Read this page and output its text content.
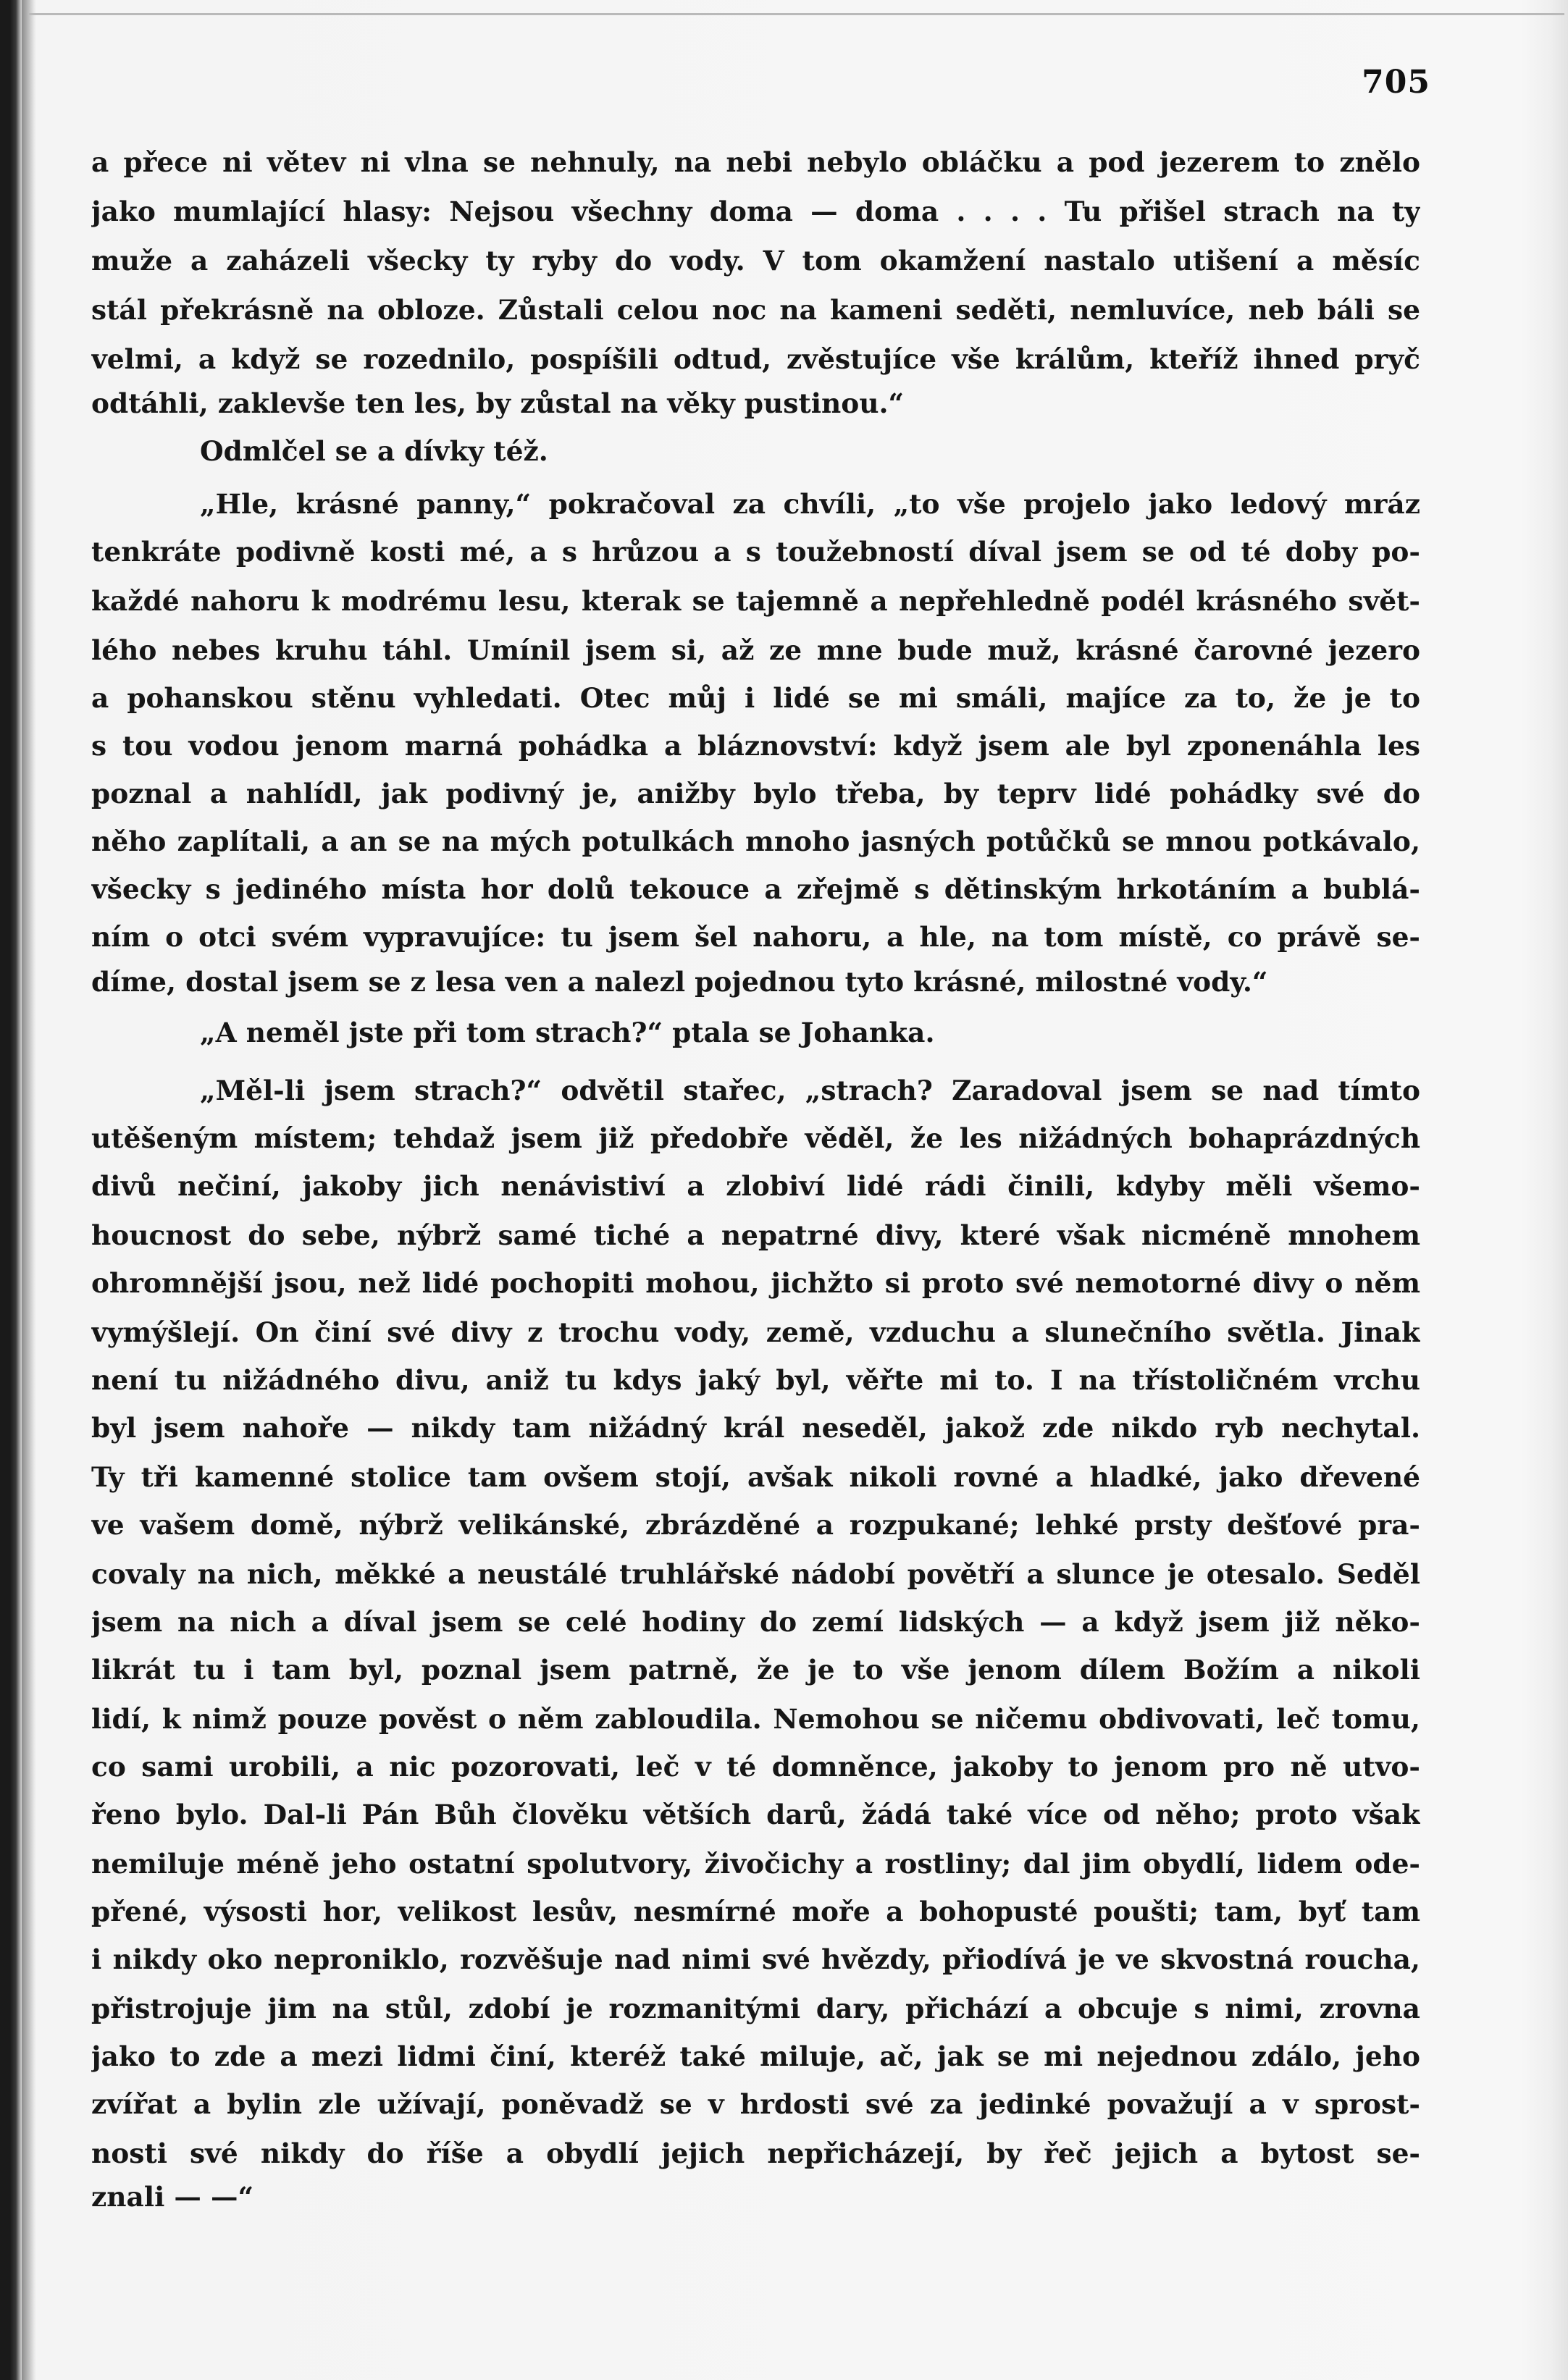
705
a přece ni větev ni vlna se nehnuly, na nebi nebylo obláčku a pod jezerem to znělo
jako mumlající hlasy: Nejsou všechny doma — doma . . . . Tu přišel strach na ty
muže a zaházeli všecky ty ryby do vody. V tom okamžení nastalo utišení a měsíc
stál překrásně na obloze. Zůstali celou noc na kameni seděti, nemluvíce, neb báli se
velmi, a když se rozednilo, pospíšili odtud, zvěstujíce vše králům, kteříž ihned pryč
odtáhli, zaklevše ten les, by zůstal na věky pustinou.“
Odmlčel se a dívky též.
„Hle, krásné panny,“ pokračoval za chvíli, „to vše projelo jako ledový mráz
tenkráte podivně kosti mé, a s hrůzou a s toužebností díval jsem se od té doby po-
každé nahoru k modrému lesu, kterak se tajemně a nepřehledně podél krásného svět-
lého nebes kruhu táhl. Umínil jsem si, až ze mne bude muž, krásné čarovné jezero
a pohanskou stěnu vyhledati. Otec můj i lidé se mi smáli, majíce za to, že je to
s tou vodou jenom marná pohádka a bláznovství: když jsem ale byl zponenáhla les
poznal a nahlídl, jak podivný je, anižby bylo třeba, by teprv lidé pohádky své do
něho zaplítali, a an se na mých potulkách mnoho jasných potůčků se mnou potkávalo,
všecky s jediného místa hor dolů tekouce a zřejmě s dětinským hrkotáním a bublá-
ním o otci svém vypravujíce: tu jsem šel nahoru, a hle, na tom místě, co právě se-
díme, dostal jsem se z lesa ven a nalezl pojednou tyto krásné, milostné vody.“
„A neměl jste při tom strach?“ ptala se Johanka.
„Měl-li jsem strach?“ odvětil stařec, „strach? Zaradoval jsem se nad tímto
utěšeným místem; tehdaž jsem již předobře věděl, že les nižádných bohaprázdných
divů nečiní, jakoby jich nenávistiví a zlobiví lidé rádi činili, kdyby měli všemo-
houcnost do sebe, nýbrž samé tiché a nepatrné divy, které však nicméně mnohem
ohromnější jsou, než lidé pochopiti mohou, jichžto si proto své nemotorné divy o něm
vymýšlejí. On činí své divy z trochu vody, země, vzduchu a slunečního světla. Jinak
není tu nižádného divu, aniž tu kdys jaký byl, věřte mi to. I na třístoličném vrchu
byl jsem nahoře — nikdy tam nižádný král neseděl, jakož zde nikdo ryb nechytal.
Ty tři kamenné stolice tam ovšem stojí, avšak nikoli rovné a hladké, jako dřevené
ve vašem domě, nýbrž velikánské, zbrázděné a rozpukané; lehké prsty dešťové pra-
covaly na nich, měkké a neustálé truhlářské nádobí povětří a slunce je otesalo. Seděl
jsem na nich a díval jsem se celé hodiny do zemí lidských — a když jsem již něko-
likrát tu i tam byl, poznal jsem patrně, že je to vše jenom dílem Božím a nikoli
lidí, k nimž pouze pověst o něm zabloudila. Nemohou se ničemu obdivovati, leč tomu,
co sami urobili, a nic pozorovati, leč v té domněnce, jakoby to jenom pro ně utvo-
řeno bylo. Dal-li Pán Bůh člověku větších darů, žádá také více od něho; proto však
nemiluje méně jeho ostatní spolutvory, živočichy a rostliny; dal jim obydlí, lidem ode-
přené, výsosti hor, velikost lesův, nesmírné moře a bohopusté poušti; tam, byť tam
i nikdy oko neproniklo, rozvěšuje nad nimi své hvězdy, přiodívá je ve skvostná roucha,
přistrojuje jim na stůl, zdobí je rozmanitými dary, přichází a obcuje s nimi, zrovna
jako to zde a mezi lidmi činí, kteréž také miluje, ač, jak se mi nejednou zdálo, jeho
zvířat a bylin zle užívají, poněvadž se v hrdosti své za jedinké považují a v sprost-
nosti své nikdy do říše a obydlí jejich nepřicházejí, by řeč jejich a bytost se-
znali — —“
